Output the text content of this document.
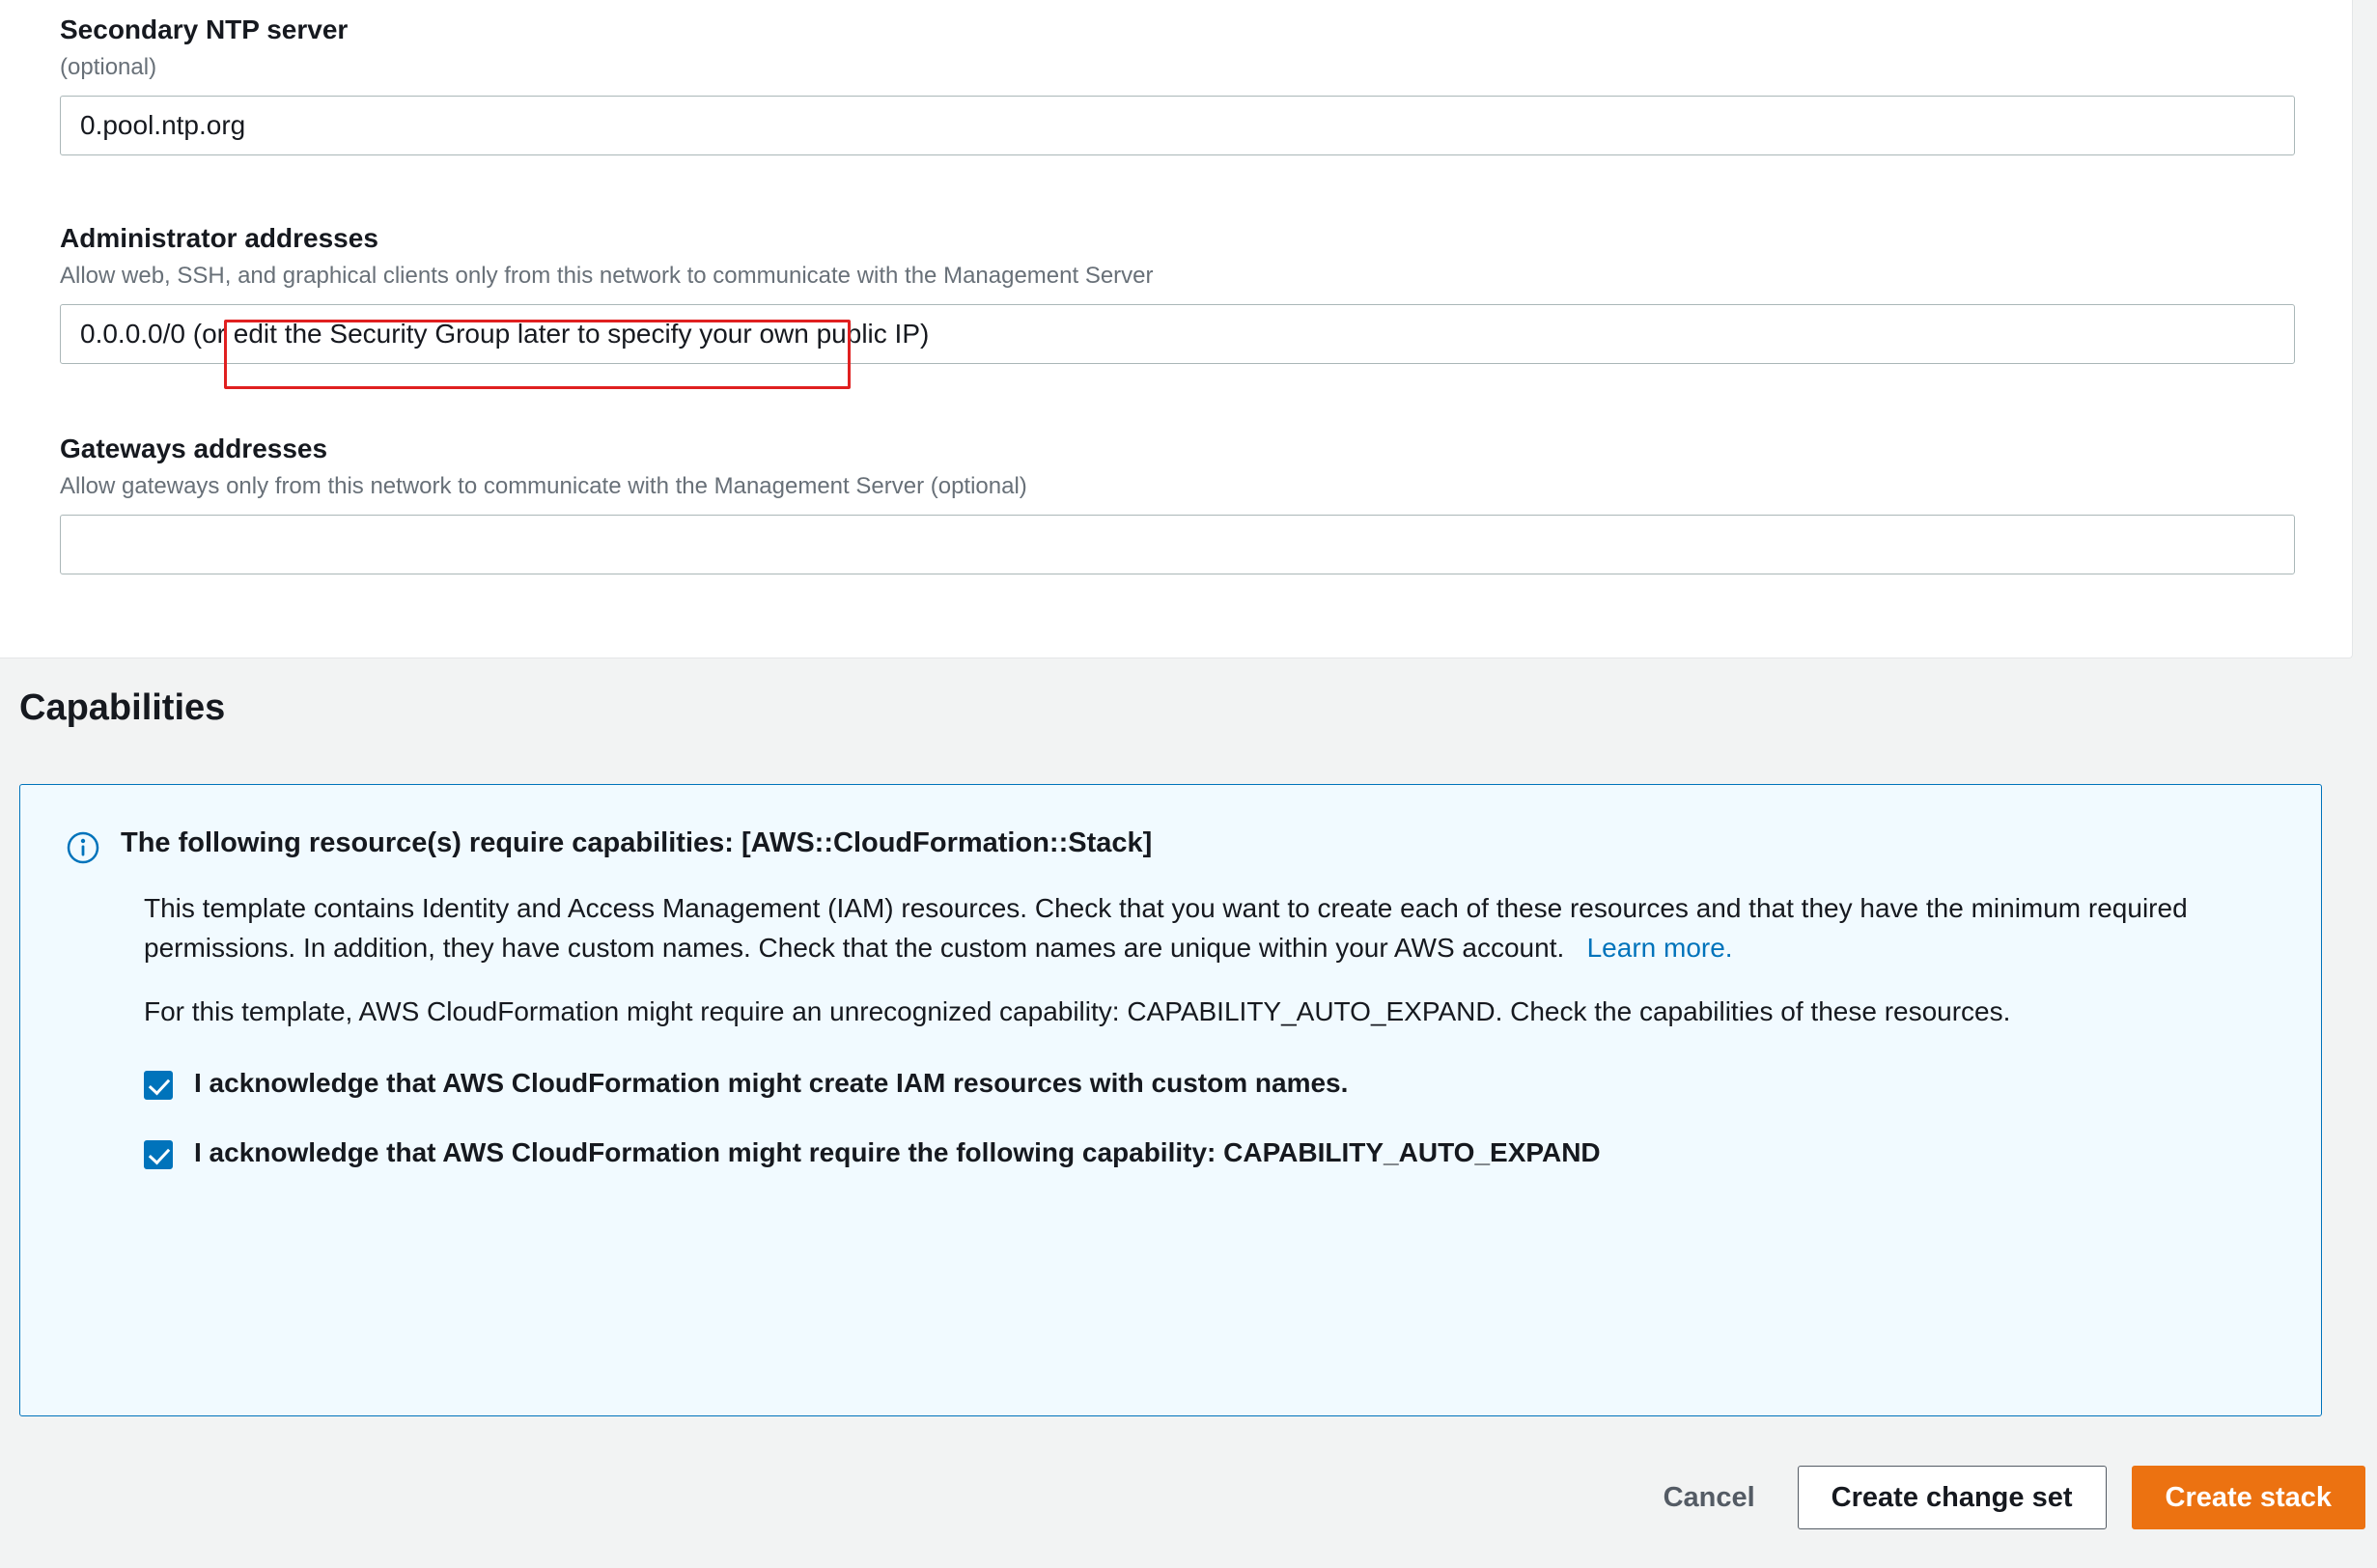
Secondary NTP server
(optional)
0.pool.ntp.org
Administrator addresses
Allow web, SSH, and graphical clients only from this network to communicate with the Management Server
0.0.0.0/0 (or edit the Security Group later to specify your own public IP)
Gateways addresses
Allow gateways only from this network to communicate with the Management Server (optional)
Capabilities
The following resource(s) require capabilities: [AWS::CloudFormation::Stack]
This template contains Identity and Access Management (IAM) resources. Check that you want to create each of these resources and that they have the minimum required permissions. In addition, they have custom names. Check that the custom names are unique within your AWS account. Learn more.
For this template, AWS CloudFormation might require an unrecognized capability: CAPABILITY_AUTO_EXPAND. Check the capabilities of these resources.
I acknowledge that AWS CloudFormation might create IAM resources with custom names.
I acknowledge that AWS CloudFormation might require the following capability: CAPABILITY_AUTO_EXPAND
Cancel	Create change set	Create stack
